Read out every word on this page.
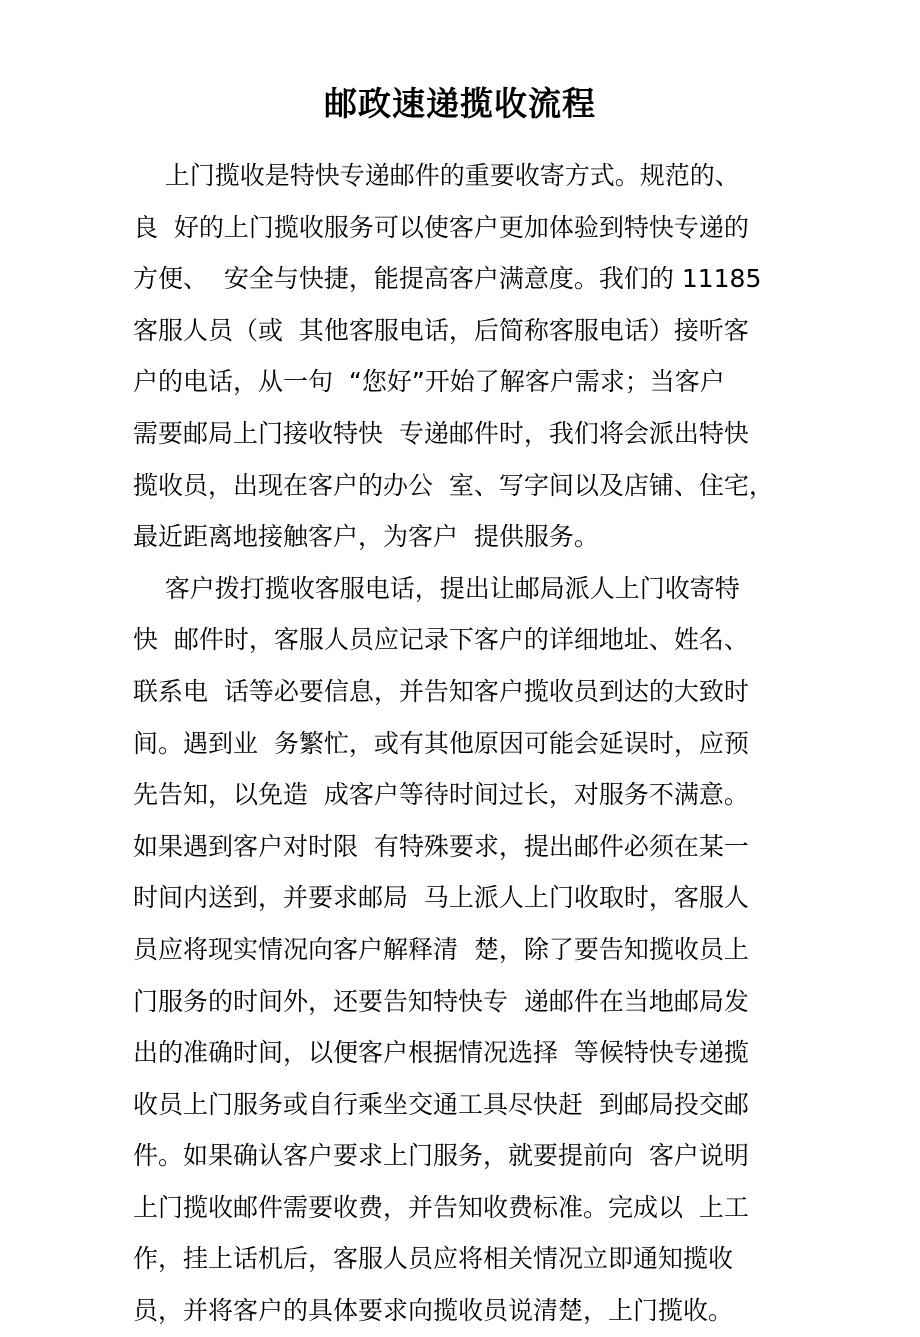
邮政速递揽收流程
上门揽收是特快专递邮件的重要收寄方式。规范的、
良  好的上门揽收服务可以使客户更加体验到特快专递的
方便、  安全与快捷，能提高客户满意度。我们的 11185
客服人员（或  其他客服电话，后简称客服电话）接听客
户的电话，从一句  “您好”开始了解客户需求；当客户
需要邮局上门接收特快  专递邮件时，我们将会派出特快
揽收员，出现在客户的办公  室、写字间以及店铺、住宅，
最近距离地接触客户，为客户  提供服务。
客户拨打揽收客服电话，提出让邮局派人上门收寄特
快  邮件时，客服人员应记录下客户的详细地址、姓名、
联系电  话等必要信息，并告知客户揽收员到达的大致时
间。遇到业  务繁忙，或有其他原因可能会延误时，应预
先告知，以免造  成客户等待时间过长，对服务不满意。
如果遇到客户对时限  有特殊要求，提出邮件必须在某一
时间内送到，并要求邮局  马上派人上门收取时，客服人
员应将现实情况向客户解释清  楚，除了要告知揽收员上
门服务的时间外，还要告知特快专  递邮件在当地邮局发
出的准确时间，以便客户根据情况选择  等候特快专递揽
收员上门服务或自行乘坐交通工具尽快赶  到邮局投交邮
件。如果确认客户要求上门服务，就要提前向  客户说明
上门揽收邮件需要收费，并告知收费标准。完成以  上工
作，挂上话机后，客服人员应将相关情况立即通知揽收
员，并将客户的具体要求向揽收员说清楚，上门揽收。
